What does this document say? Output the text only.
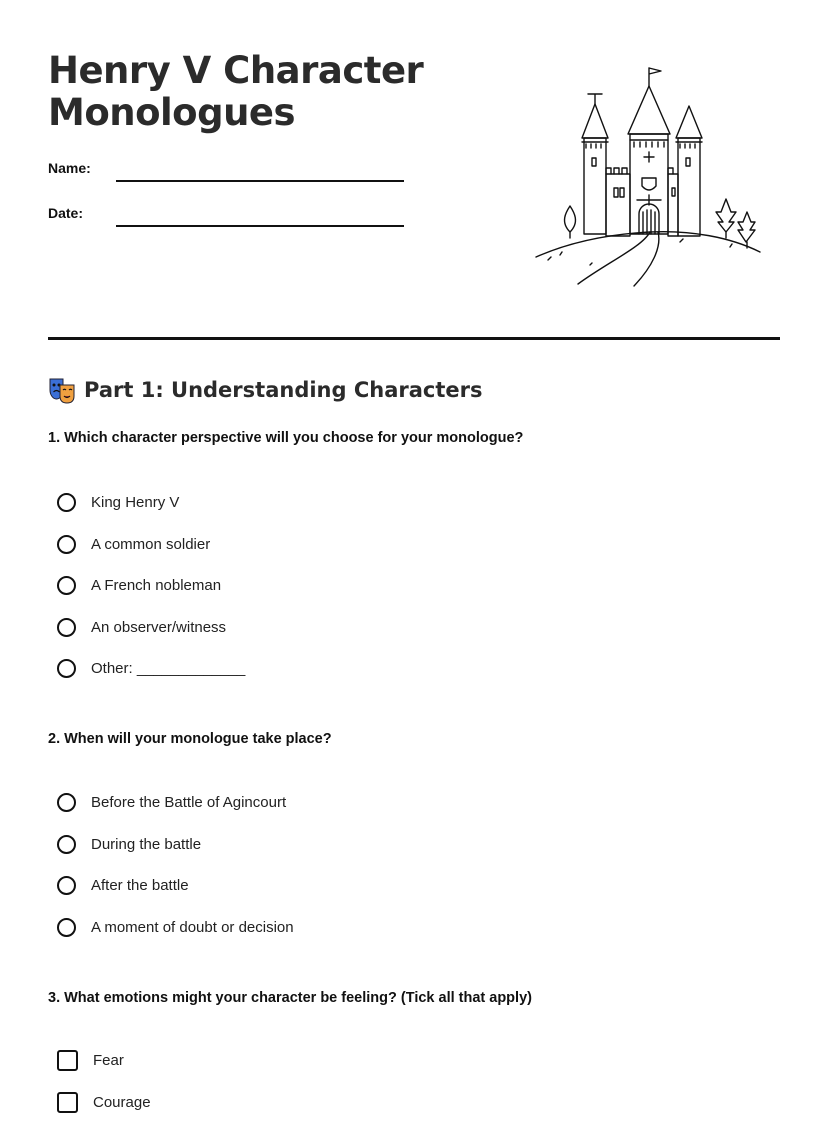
Henry V Character
Monologues
Name:
Date:
Part 1: Understanding Characters
1. Which character perspective will you choose for your monologue?
King Henry V
A common soldier
A French nobleman
An observer/witness
Other: _____________
2. When will your monologue take place?
Before the Battle of Agincourt
During the battle
After the battle
A moment of doubt or decision
3. What emotions might your character be feeling? (Tick all that apply)
Fear
Courage
